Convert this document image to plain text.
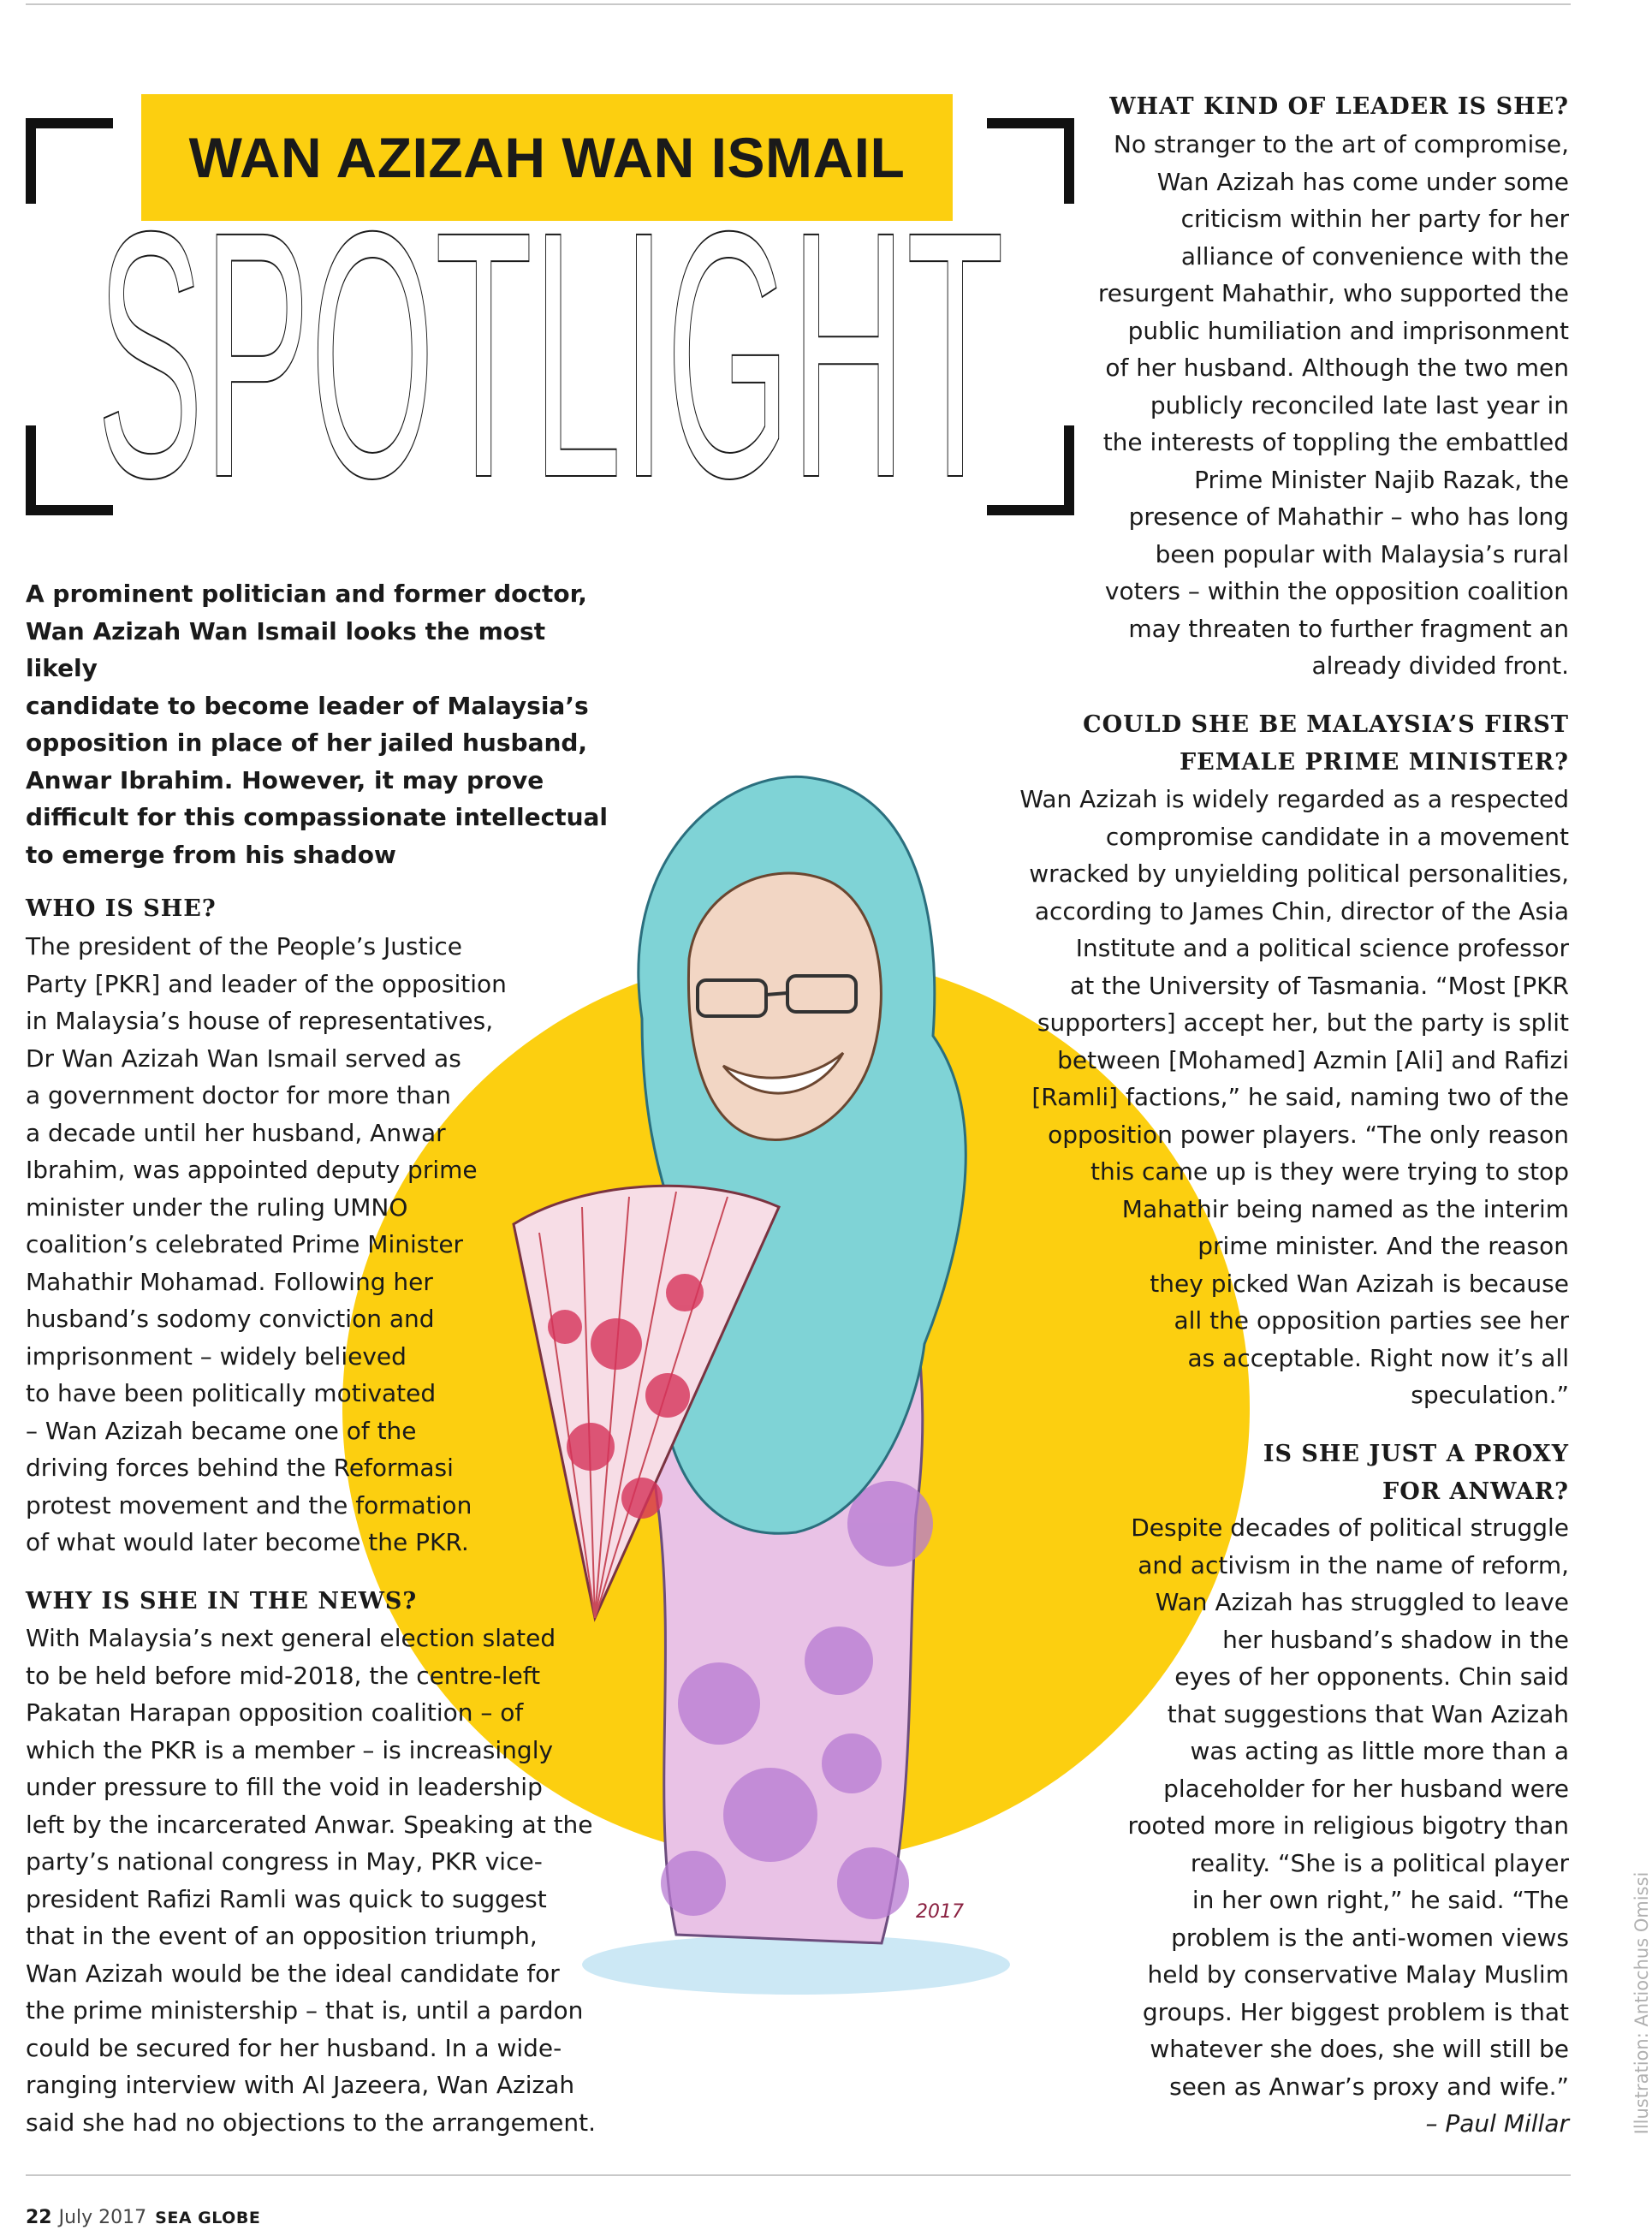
WAN AZIZAH WAN ISMAIL
SPOTLIGHT
A prominent politician and former doctor,
Wan Azizah Wan Ismail looks the most likely
candidate to become leader of Malaysia’s
opposition in place of her jailed husband,
Anwar Ibrahim. However, it may prove
difficult for this compassionate intellectual
to emerge from his shadow
2017
WHO IS SHE?
The president of the People’s Justice
Party [PKR] and leader of the opposition
in Malaysia’s house of representatives,
Dr Wan Azizah Wan Ismail served as
a government doctor for more than
a decade until her husband, Anwar
Ibrahim, was appointed deputy prime
minister under the ruling UMNO
coalition’s celebrated Prime Minister
Mahathir Mohamad. Following her
husband’s sodomy conviction and
imprisonment – widely believed
to have been politically motivated
– Wan Azizah became one of the
driving forces behind the Reformasi
protest movement and the formation
of what would later become the PKR.
WHY IS SHE IN THE NEWS?
With Malaysia’s next general election slated
to be held before mid-2018, the centre-left
Pakatan Harapan opposition coalition – of
which the PKR is a member – is increasingly
under pressure to fill the void in leadership
left by the incarcerated Anwar. Speaking at the
party’s national congress in May, PKR vice-
president Rafizi Ramli was quick to suggest
that in the event of an opposition triumph,
Wan Azizah would be the ideal candidate for
the prime ministership – that is, until a pardon
could be secured for her husband. In a wide-
ranging interview with Al Jazeera, Wan Azizah
said she had no objections to the arrangement.
WHAT KIND OF LEADER IS SHE?
No stranger to the art of compromise,
Wan Azizah has come under some
criticism within her party for her
alliance of convenience with the
resurgent Mahathir, who supported the
public humiliation and imprisonment
of her husband. Although the two men
publicly reconciled late last year in
the interests of toppling the embattled
Prime Minister Najib Razak, the
presence of Mahathir – who has long
been popular with Malaysia’s rural
voters – within the opposition coalition
may threaten to further fragment an
already divided front.
COULD SHE BE MALAYSIA’S FIRST
FEMALE PRIME MINISTER?
Wan Azizah is widely regarded as a respected
compromise candidate in a movement
wracked by unyielding political personalities,
according to James Chin, director of the Asia
Institute and a political science professor
at the University of Tasmania. “Most [PKR
supporters] accept her, but the party is split
between [Mohamed] Azmin [Ali] and Rafizi
[Ramli] factions,” he said, naming two of the
opposition power players. “The only reason
this came up is they were trying to stop
Mahathir being named as the interim
prime minister. And the reason
they picked Wan Azizah is because
all the opposition parties see her
as acceptable. Right now it’s all
speculation.”
IS SHE JUST A PROXY
FOR ANWAR?
Despite decades of political struggle
and activism in the name of reform,
Wan Azizah has struggled to leave
her husband’s shadow in the
eyes of her opponents. Chin said
that suggestions that Wan Azizah
was acting as little more than a
placeholder for her husband were
rooted more in religious bigotry than
reality. “She is a political player
in her own right,” he said. “The
problem is the anti-women views
held by conservative Malay Muslim
groups. Her biggest problem is that
whatever she does, she will still be
seen as Anwar’s proxy and wife.”
– Paul Millar	Illustration: Antiochus Omissi
22 July 2017 SEA GLOBE
